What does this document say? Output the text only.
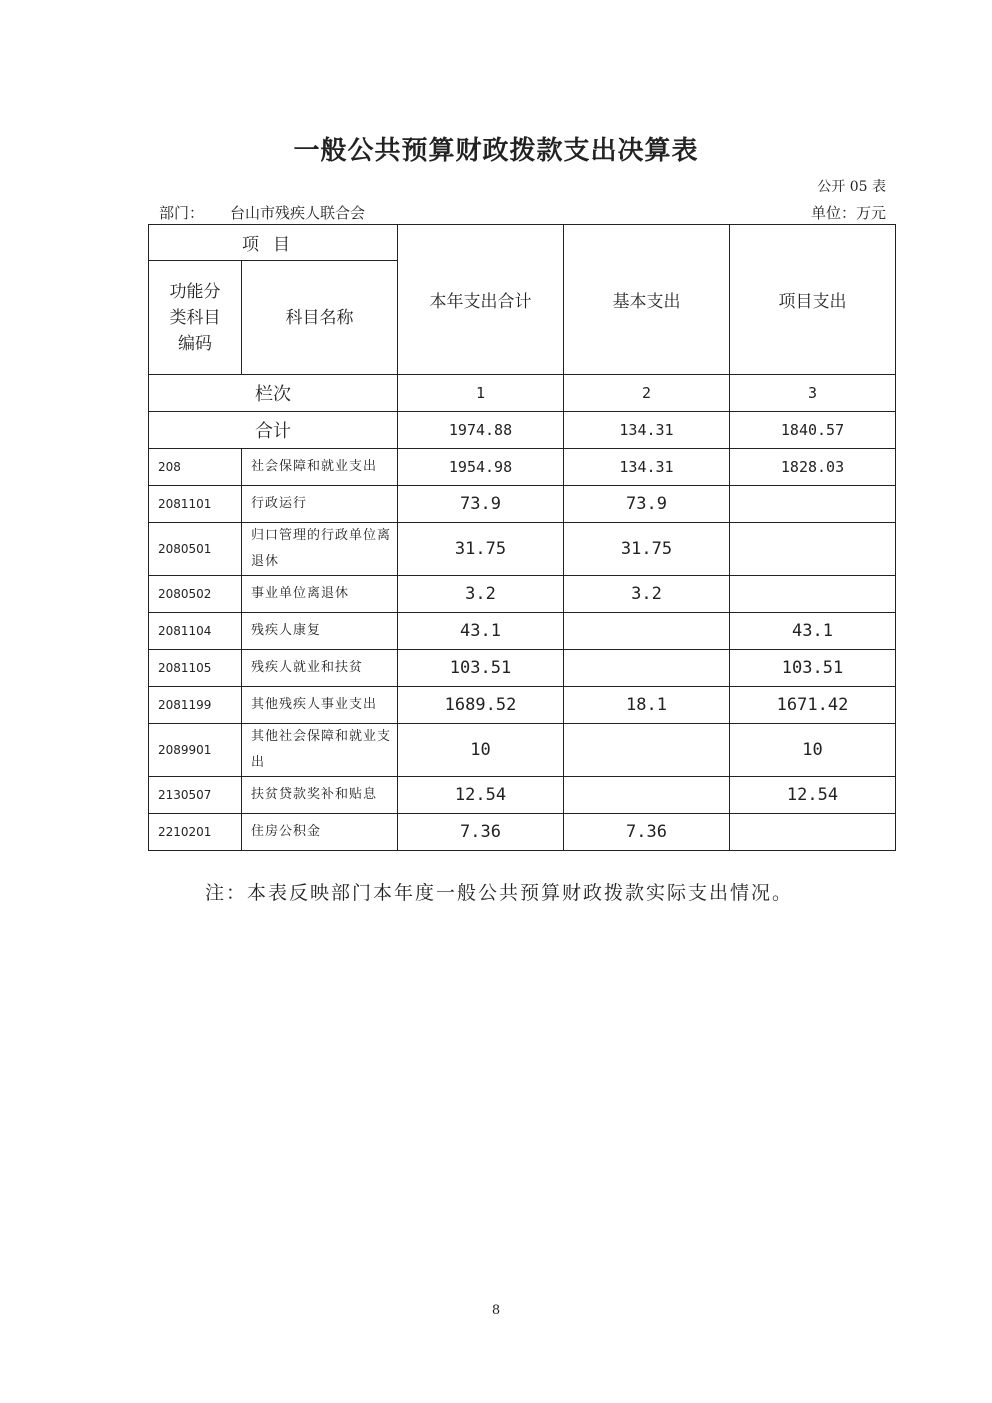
一般公共预算财政拨款支出决算表
公开 05 表
部门： 台山市残疾人联合会	单位：万元
项目		本年支出合计	基本支出	项目支出

功能分类科目编码	科目名称			
栏次		1	2	3
合计		1974.88	134.31	1840.57
208	社会保障和就业支出	1954.98	134.31	1828.03
2081101	行政运行	73.9	73.9	
2080501	归口管理的行政单位离退休	31.75	31.75	
2080502	事业单位离退休	3.2	3.2	
2081104	残疾人康复	43.1		43.1
2081105	残疾人就业和扶贫	103.51		103.51
2081199	其他残疾人事业支出	1689.52	18.1	1671.42
2089901	其他社会保障和就业支出	10		10
2130507	扶贫贷款奖补和贴息	12.54		12.54
2210201	住房公积金	7.36	7.36	
注：本表反映部门本年度一般公共预算财政拨款实际支出情况。
8
